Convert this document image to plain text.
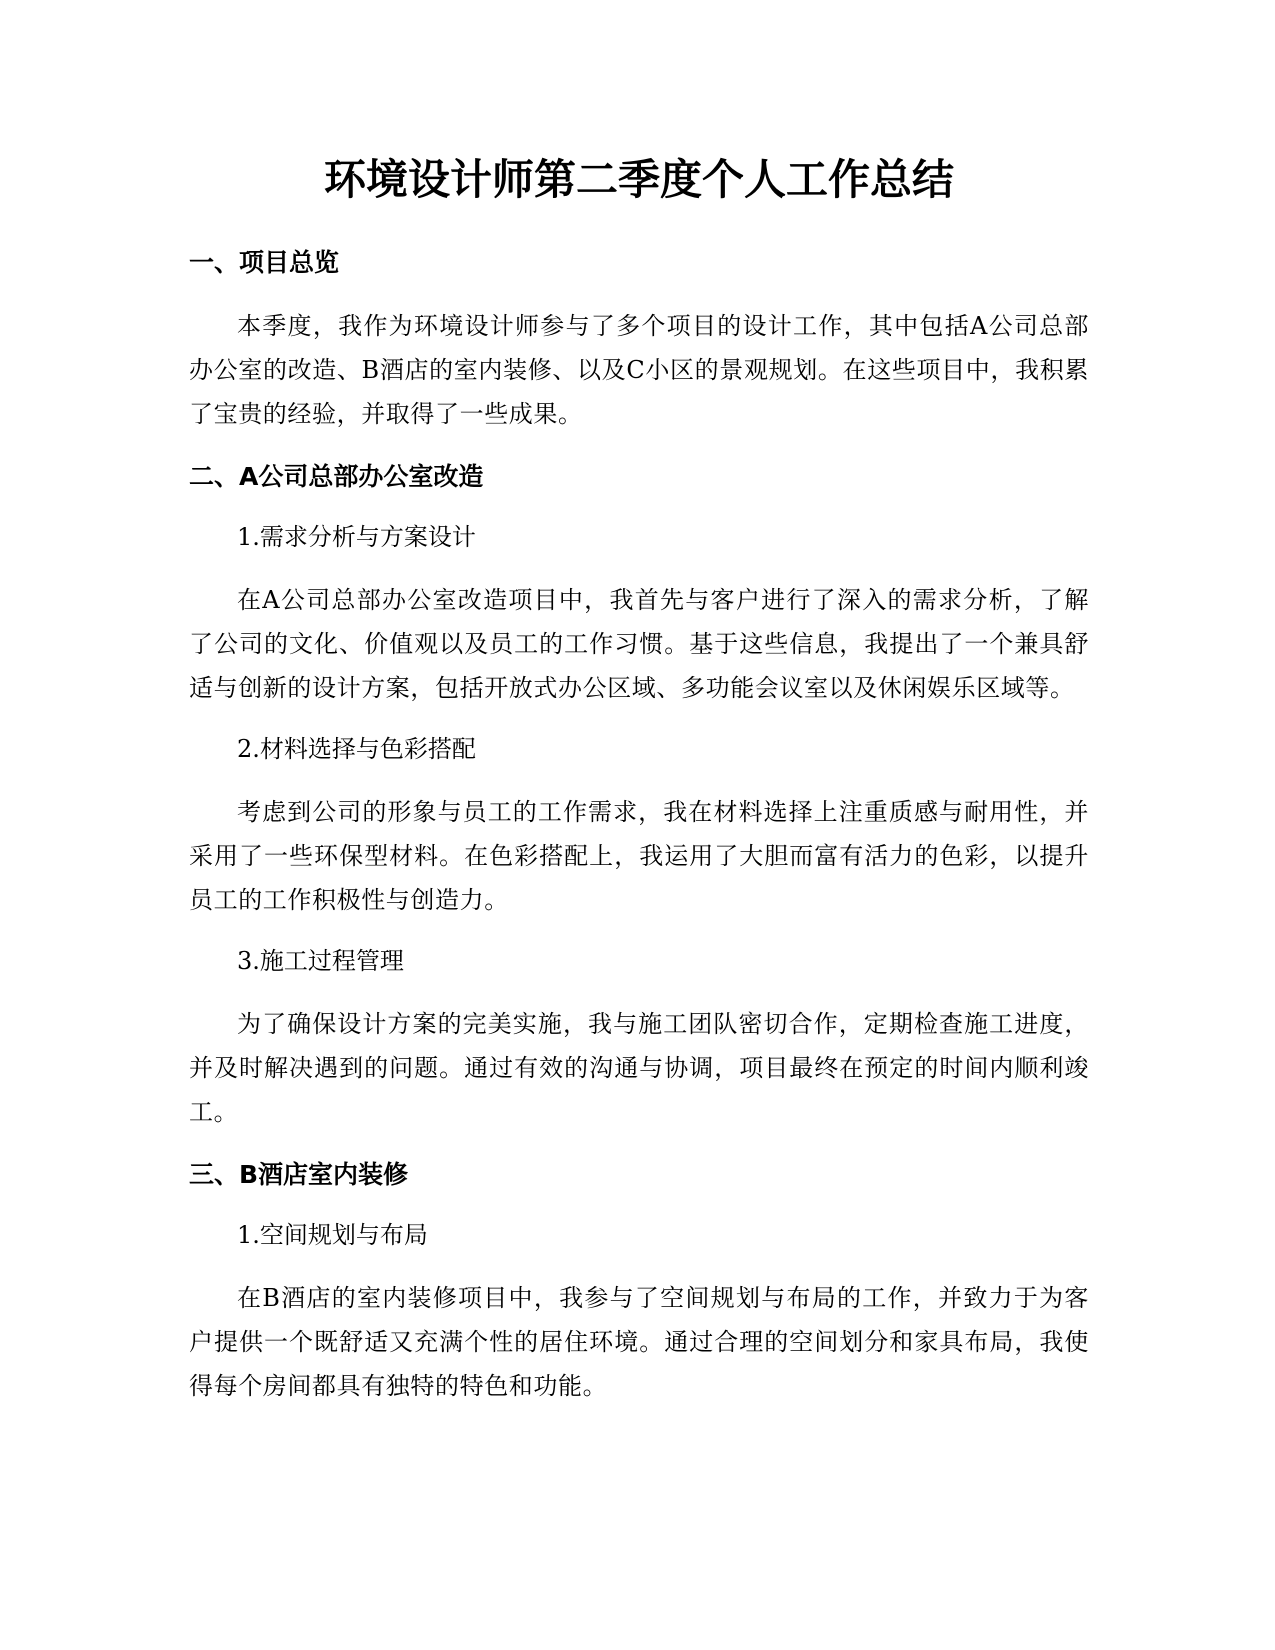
环境设计师第二季度个人工作总结
一、项目总览

本季度，我作为环境设计师参与了多个项目的设计工作，其中包括A公司总部办公室的改造、B酒店的室内装修、以及C小区的景观规划。在这些项目中，我积累了宝贵的经验，并取得了一些成果。

二、A公司总部办公室改造

1.需求分析与方案设计

在A公司总部办公室改造项目中，我首先与客户进行了深入的需求分析，了解了公司的文化、价值观以及员工的工作习惯。基于这些信息，我提出了一个兼具舒适与创新的设计方案，包括开放式办公区域、多功能会议室以及休闲娱乐区域等。

2.材料选择与色彩搭配

考虑到公司的形象与员工的工作需求，我在材料选择上注重质感与耐用性，并采用了一些环保型材料。在色彩搭配上，我运用了大胆而富有活力的色彩，以提升员工的工作积极性与创造力。

3.施工过程管理

为了确保设计方案的完美实施，我与施工团队密切合作，定期检查施工进度，并及时解决遇到的问题。通过有效的沟通与协调，项目最终在预定的时间内顺利竣工。

三、B酒店室内装修

1.空间规划与布局

在B酒店的室内装修项目中，我参与了空间规划与布局的工作，并致力于为客户提供一个既舒适又充满个性的居住环境。通过合理的空间划分和家具布局，我使得每个房间都具有独特的特色和功能。
